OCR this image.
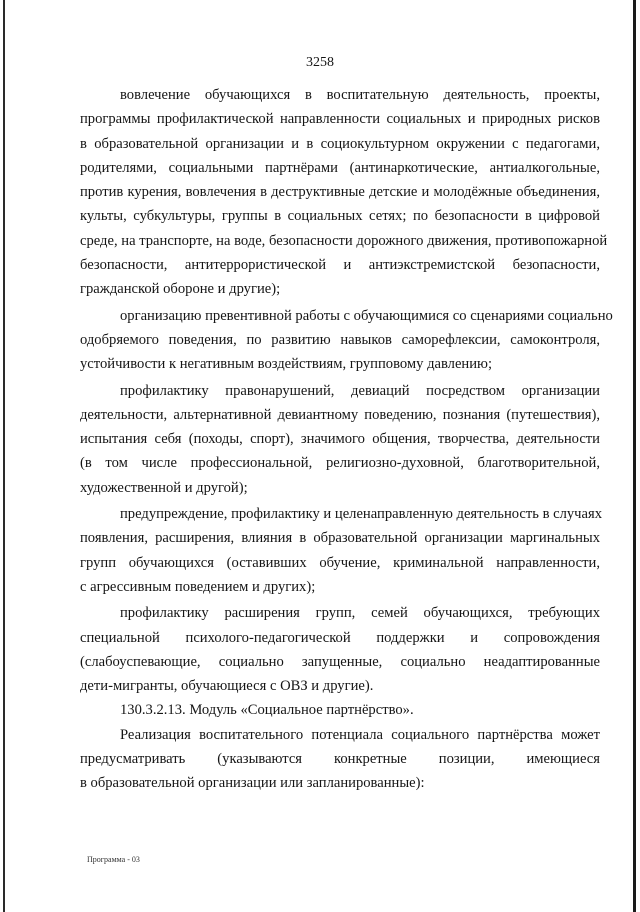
3258
вовлечение обучающихся в воспитательную деятельность, проекты,
программы профилактической направленности социальных и природных рисков
в образовательной организации и в социокультурном окружении с педагогами,
родителями, социальными партнёрами (антинаркотические, антиалкогольные,
против курения, вовлечения в деструктивные детские и молодёжные объединения,
культы, субкультуры, группы в социальных сетях; по безопасности в цифровой
среде, на транспорте, на воде, безопасности дорожного движения, противопожарной
безопасности, антитеррористической и антиэкстремистской безопасности,
гражданской обороне и другие);
организацию превентивной работы с обучающимися со сценариями социально
одобряемого поведения, по развитию навыков саморефлексии, самоконтроля,
устойчивости к негативным воздействиям, групповому давлению;
профилактику правонарушений, девиаций посредством организации
деятельности, альтернативной девиантному поведению, познания (путешествия),
испытания себя (походы, спорт), значимого общения, творчества, деятельности
(в том числе профессиональной, религиозно-духовной, благотворительной,
художественной и другой);
предупреждение, профилактику и целенаправленную деятельность в случаях
появления, расширения, влияния в образовательной организации маргинальных
групп обучающихся (оставивших обучение, криминальной направленности,
с агрессивным поведением и других);
профилактику расширения групп, семей обучающихся, требующих
специальной психолого-педагогической поддержки и сопровождения
(слабоуспевающие, социально запущенные, социально неадаптированные
дети-мигранты, обучающиеся с ОВЗ и другие).
130.3.2.13. Модуль «Социальное партнёрство».
Реализация воспитательного потенциала социального партнёрства может
предусматривать (указываются конкретные позиции, имеющиеся
в образовательной организации или запланированные):
Программа - 03
